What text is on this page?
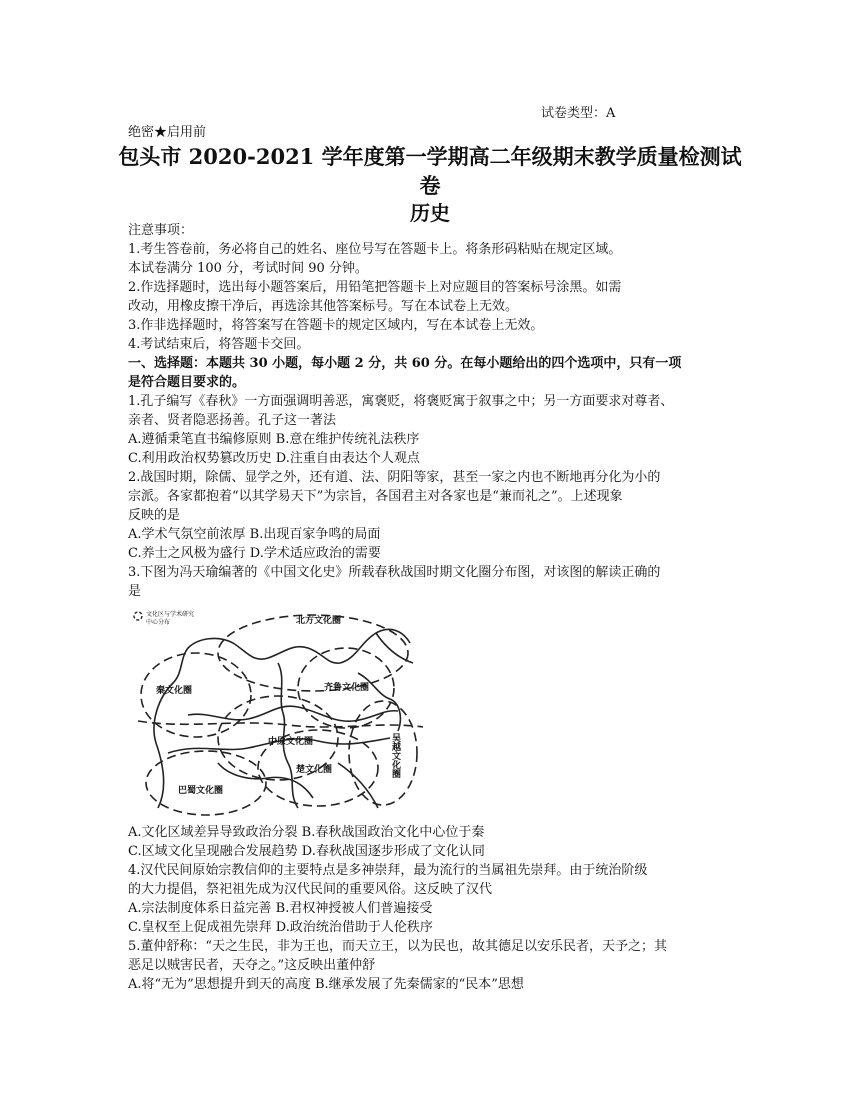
试卷类型：A
绝密★启用前
包头市 2020-2021 学年度第一学期高二年级期末教学质量检测试
卷
历史
注意事项：
1.考生答卷前，务必将自己的姓名、座位号写在答题卡上。将条形码粘贴在规定区域。
本试卷满分 100 分，考试时间 90 分钟。
2.作选择题时，选出每小题答案后，用铅笔把答题卡上对应题目的答案标号涂黑。如需
改动，用橡皮擦干净后，再选涂其他答案标号。写在本试卷上无效。
3.作非选择题时，将答案写在答题卡的规定区域内，写在本试卷上无效。
4.考试结束后，将答题卡交回。
一、选择题：本题共 30 小题，每小题 2 分，共 60 分。在每小题给出的四个选项中，只有一项
是符合题目要求的。
1.孔子编写《春秋》一方面强调明善恶，寓褒贬，将褒贬寓于叙事之中；另一方面要求对尊者、
亲者、贤者隐恶扬善。孔子这一著法
A.遵循秉笔直书编修原则 B.意在维护传统礼法秩序
C.利用政治权势篡改历史 D.注重自由表达个人观点
2.战国时期，除儒、显学之外，还有道、法、阴阳等家，甚至一家之内也不断地再分化为小的
宗派。各家都抱着“以其学易天下”为宗旨，各国君主对各家也是“兼而礼之”。上述现象
反映的是
A.学术气氛空前浓厚 B.出现百家争鸣的局面
C.养士之风极为盛行 D.学术适应政治的需要
3.下图为冯天瑜编著的《中国文化史》所载春秋战国时期文化圈分布图，对该图的解读正确的
是
文化区与学术研究中心分布	北方文化圈
秦文化圈	齐鲁文化圈
中原文化圈	吴越文化圈
楚文化圈
巴蜀文化圈
A.文化区域差异导致政治分裂 B.春秋战国政治文化中心位于秦
C.区域文化呈现融合发展趋势 D.春秋战国逐步形成了文化认同
4.汉代民间原始宗教信仰的主要特点是多神崇拜，最为流行的当属祖先崇拜。由于统治阶级
的大力提倡，祭祀祖先成为汉代民间的重要风俗。这反映了汉代
A.宗法制度体系日益完善 B.君权神授被人们普遍接受
C.皇权至上促成祖先崇拜 D.政治统治借助于人伦秩序
5.董仲舒称：“天之生民，非为王也，而天立王，以为民也，故其德足以安乐民者，天予之；其
恶足以贼害民者，天夺之。”这反映出董仲舒
A.将“无为”思想提升到天的高度 B.继承发展了先秦儒家的“民本”思想
